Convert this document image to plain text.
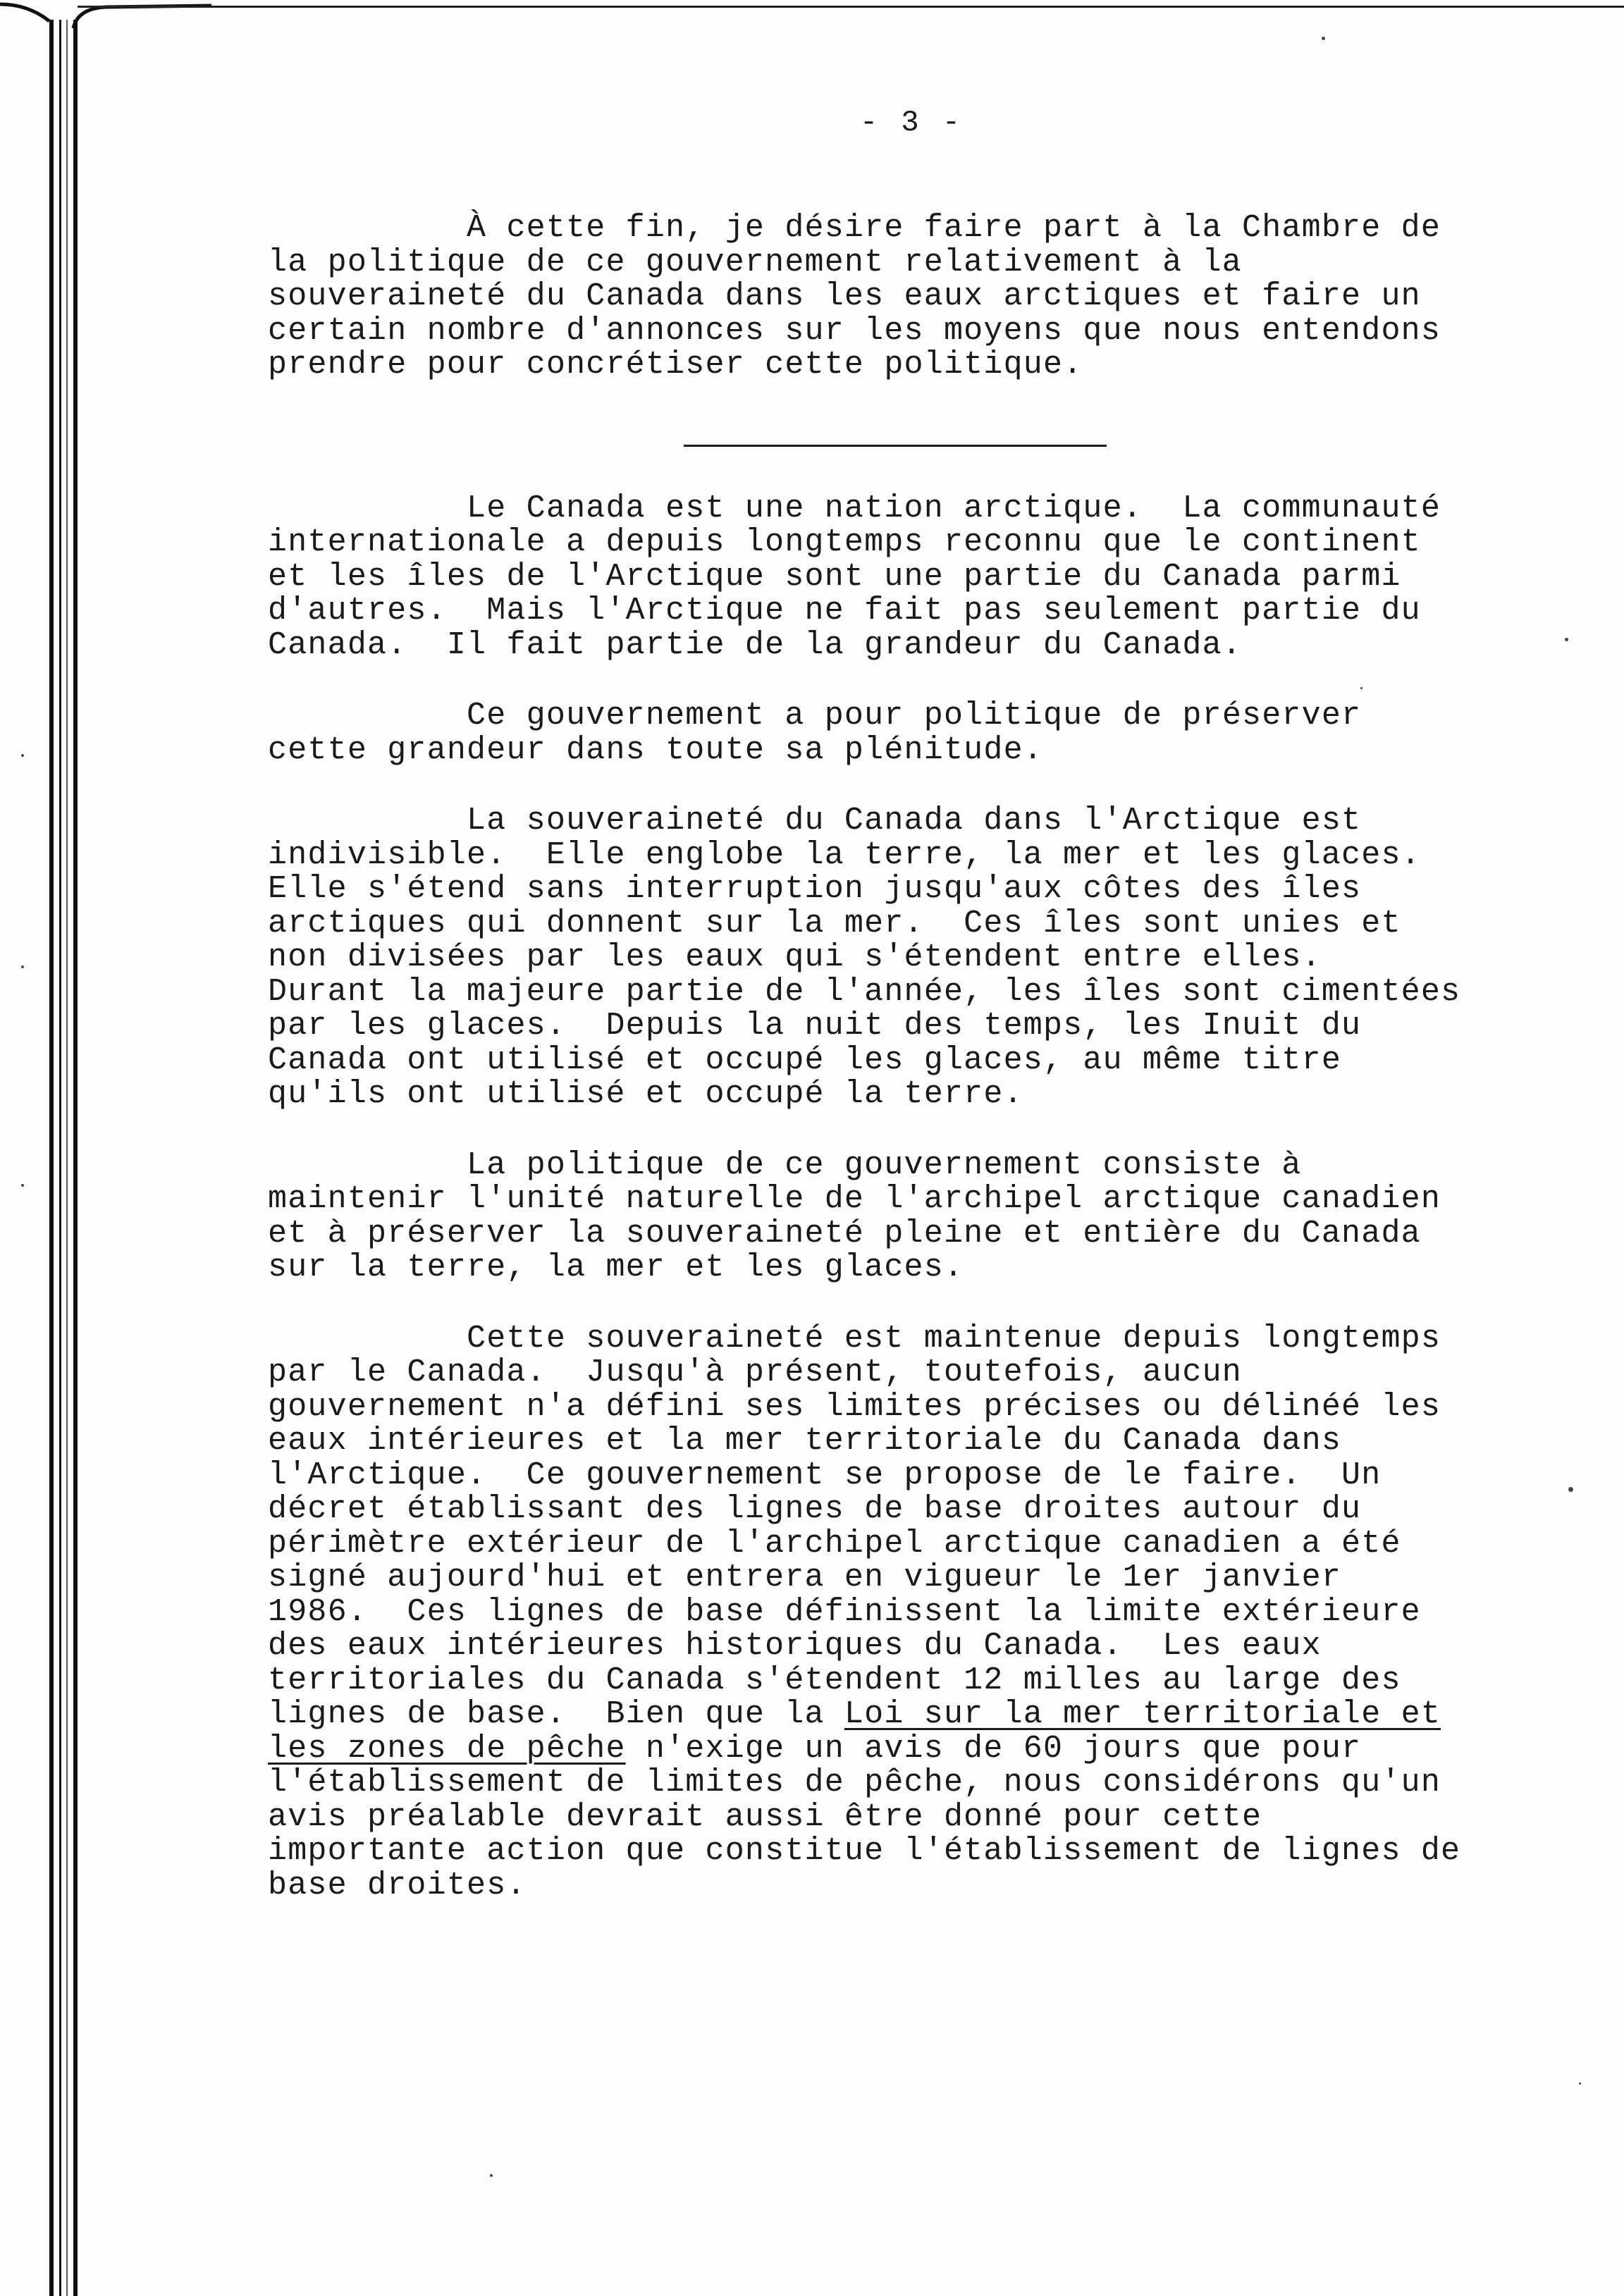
- 3 -

À cette fin, je désire faire part à la Chambre de
la politique de ce gouvernement relativement à la
souveraineté du Canada dans les eaux arctiques et faire un
certain nombre d'annonces sur les moyens que nous entendons
prendre pour concrétiser cette politique.

Le Canada est une nation arctique.  La communauté
internationale a depuis longtemps reconnu que le continent
et les îles de l'Arctique sont une partie du Canada parmi
d'autres.  Mais l'Arctique ne fait pas seulement partie du
Canada.  Il fait partie de la grandeur du Canada.

Ce gouvernement a pour politique de préserver
cette grandeur dans toute sa plénitude.

La souveraineté du Canada dans l'Arctique est
indivisible.  Elle englobe la terre, la mer et les glaces.
Elle s'étend sans interruption jusqu'aux côtes des îles
arctiques qui donnent sur la mer.  Ces îles sont unies et
non divisées par les eaux qui s'étendent entre elles.
Durant la majeure partie de l'année, les îles sont cimentées
par les glaces.  Depuis la nuit des temps, les Inuit du
Canada ont utilisé et occupé les glaces, au même titre
qu'ils ont utilisé et occupé la terre.

La politique de ce gouvernement consiste à
maintenir l'unité naturelle de l'archipel arctique canadien
et à préserver la souveraineté pleine et entière du Canada
sur la terre, la mer et les glaces.

Cette souveraineté est maintenue depuis longtemps
par le Canada.  Jusqu'à présent, toutefois, aucun
gouvernement n'a défini ses limites précises ou délinéé les
eaux intérieures et la mer territoriale du Canada dans
l'Arctique.  Ce gouvernement se propose de le faire.  Un
décret établissant des lignes de base droites autour du
périmètre extérieur de l'archipel arctique canadien a été
signé aujourd'hui et entrera en vigueur le 1er janvier
1986.  Ces lignes de base définissent la limite extérieure
des eaux intérieures historiques du Canada.  Les eaux
territoriales du Canada s'étendent 12 milles au large des
lignes de base.  Bien que la Loi sur la mer territoriale et
les zones de pêche n'exige un avis de 60 jours que pour
l'établissement de limites de pêche, nous considérons qu'un
avis préalable devrait aussi être donné pour cette
importante action que constitue l'établissement de lignes de
base droites.
